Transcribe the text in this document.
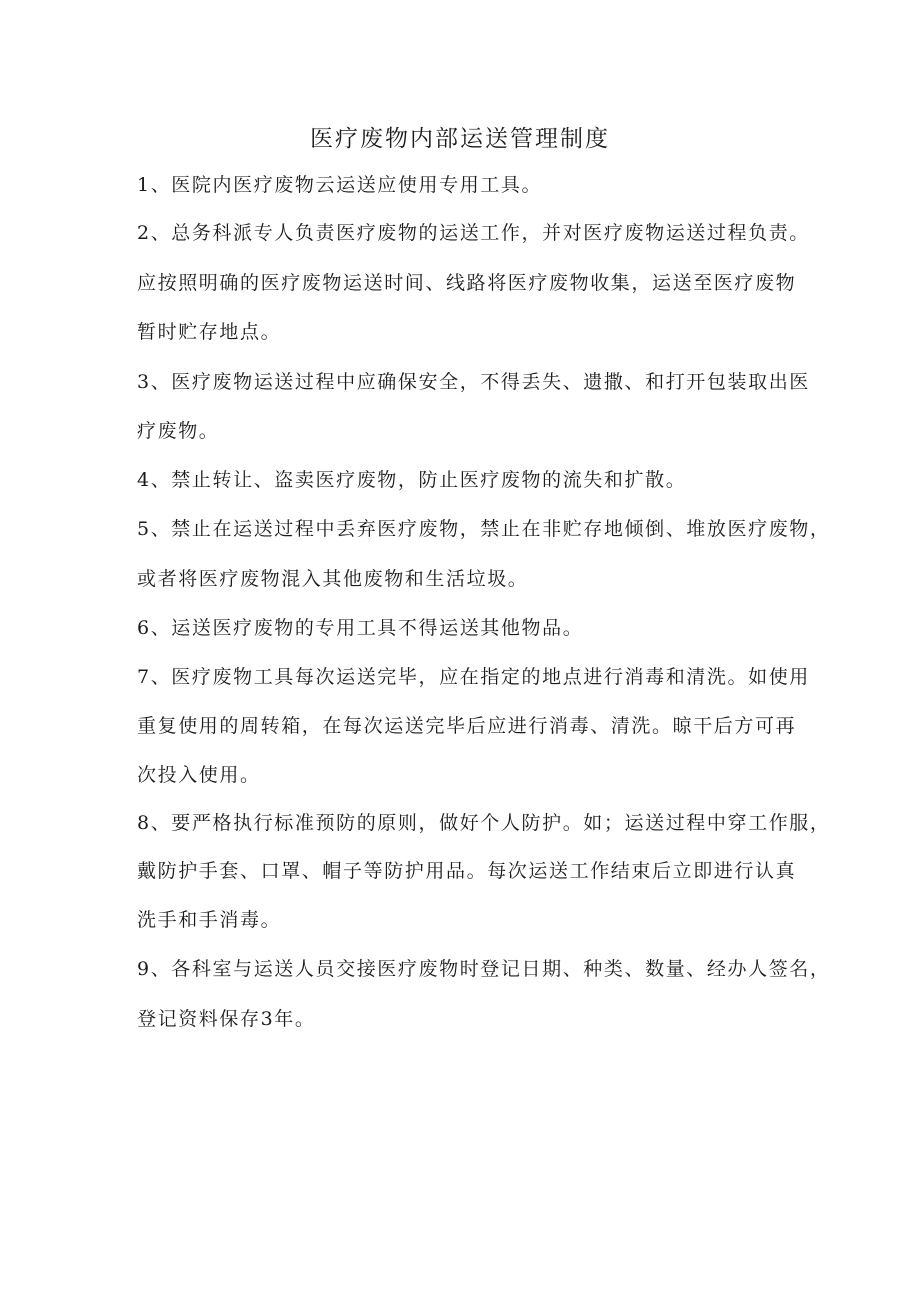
医疗废物内部运送管理制度
1、医院内医疗废物云运送应使用专用工具。
2、总务科派专人负责医疗废物的运送工作，并对医疗废物运送过程负责。
应按照明确的医疗废物运送时间、线路将医疗废物收集，运送至医疗废物
暂时贮存地点。
3、医疗废物运送过程中应确保安全，不得丢失、遗撒、和打开包装取出医
疗废物。
4、禁止转让、盗卖医疗废物，防止医疗废物的流失和扩散。
5、禁止在运送过程中丢弃医疗废物，禁止在非贮存地倾倒、堆放医疗废物，
或者将医疗废物混入其他废物和生活垃圾。
6、运送医疗废物的专用工具不得运送其他物品。
7、医疗废物工具每次运送完毕，应在指定的地点进行消毒和清洗。如使用
重复使用的周转箱，在每次运送完毕后应进行消毒、清洗。晾干后方可再
次投入使用。
8、要严格执行标准预防的原则，做好个人防护。如；运送过程中穿工作服，
戴防护手套、口罩、帽子等防护用品。每次运送工作结束后立即进行认真
洗手和手消毒。
9、各科室与运送人员交接医疗废物时登记日期、种类、数量、经办人签名，
登记资料保存3年。
